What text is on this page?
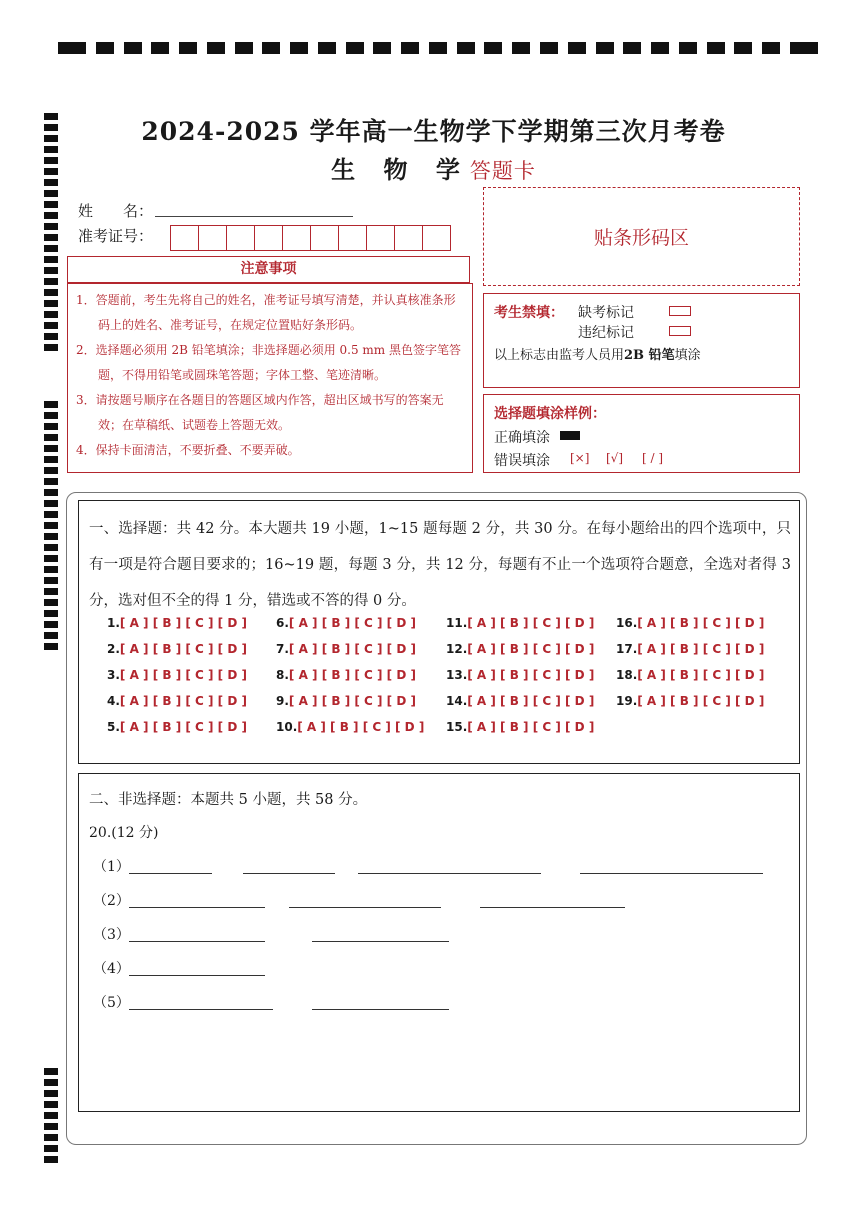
2024-2025 学年高一生物学下学期第三次月考卷
生 物 学答题卡
姓　　名：
准考证号：	贴条形码区
注意事项

1．答题前，考生先将自己的姓名，准考证号填写清楚，并认真核准条形码上的姓名、准考证号，在规定位置贴好条形码。

2．选择题必须用 2B 铅笔填涂；非选择题必须用 0.5 mm 黑色签字笔答题，不得用铅笔或圆珠笔答题；字体工整、笔迹清晰。

3．请按题号顺序在各题目的答题区域内作答，超出区域书写的答案无效；在草稿纸、试题卷上答题无效。

4．保持卡面清洁，不要折叠、不要弄破。

考生禁填： 缺考标记
违纪标记
以上标志由监考人员用2B 铅笔填涂
选择题填涂样例：
正确填涂
错误填涂 [×] [√] [ / ]
一、选择题：共 42 分。本大题共 19 小题，1~15 题每题 2 分，共 30 分。在每小题给出的四个选项中，只有一项是符合题目要求的；16~19 题，每题 3 分，共 12 分，每题有不止一个选项符合题意，全选对者得 3 分，选对但不全的得 1 分，错选或不答的得 0 分。
1.[ A ] [ B ] [ C ] [ D ]
2.[ A ] [ B ] [ C ] [ D ]
3.[ A ] [ B ] [ C ] [ D ]
4.[ A ] [ B ] [ C ] [ D ]
5.[ A ] [ B ] [ C ] [ D ]
6.[ A ] [ B ] [ C ] [ D ]
7.[ A ] [ B ] [ C ] [ D ]
8.[ A ] [ B ] [ C ] [ D ]
9.[ A ] [ B ] [ C ] [ D ]
10.[ A ] [ B ] [ C ] [ D ]
11.[ A ] [ B ] [ C ] [ D ]
12.[ A ] [ B ] [ C ] [ D ]
13.[ A ] [ B ] [ C ] [ D ]
14.[ A ] [ B ] [ C ] [ D ]
15.[ A ] [ B ] [ C ] [ D ]
16.[ A ] [ B ] [ C ] [ D ]
17.[ A ] [ B ] [ C ] [ D ]
18.[ A ] [ B ] [ C ] [ D ]
19.[ A ] [ B ] [ C ] [ D ]
二、非选择题：本题共 5 小题，共 58 分。
20.(12 分)
（1）
（2）
（3）
（4）
（5）
